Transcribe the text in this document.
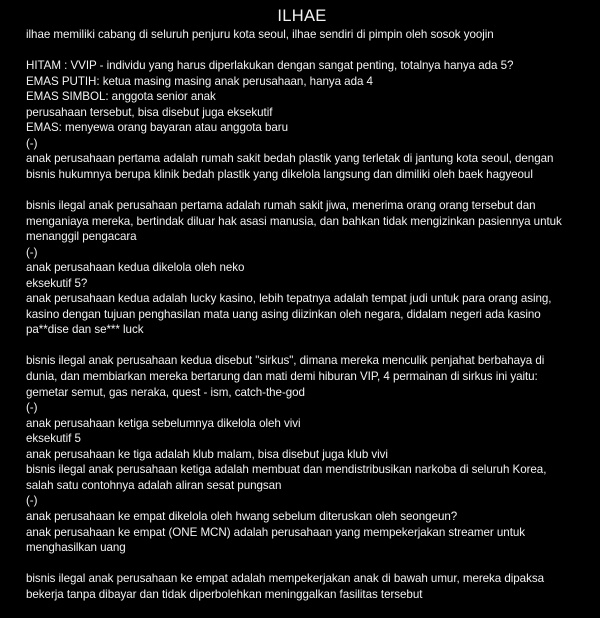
ILHAE
ilhae memiliki cabang di seluruh penjuru kota seoul, ilhae sendiri di pimpin oleh sosok yoojin
HITAM : VVIP - individu yang harus diperlakukan dengan sangat penting, totalnya hanya ada 5?
EMAS PUTIH: ketua masing masing anak perusahaan, hanya ada 4
EMAS SIMBOL: anggota senior anak
perusahaan tersebut, bisa disebut juga eksekutif
EMAS: menyewa orang bayaran atau anggota baru
(-)
anak perusahaan pertama adalah rumah sakit bedah plastik yang terletak di jantung kota seoul, dengan
bisnis hukumnya berupa klinik bedah plastik yang dikelola langsung dan dimiliki oleh baek hagyeoul
bisnis ilegal anak perusahaan pertama adalah rumah sakit jiwa, menerima orang orang tersebut dan
menganiaya mereka, bertindak diluar hak asasi manusia, dan bahkan tidak mengizinkan pasiennya untuk
menanggil pengacara
(-)
anak perusahaan kedua dikelola oleh neko
eksekutif 5?
anak perusahaan kedua adalah lucky kasino, lebih tepatnya adalah tempat judi untuk para orang asing,
kasino dengan tujuan penghasilan mata uang asing diizinkan oleh negara, didalam negeri ada kasino
pa**dise dan se*** luck
bisnis ilegal anak perusahaan kedua disebut "sirkus", dimana mereka menculik penjahat berbahaya di
dunia, dan membiarkan mereka bertarung dan mati demi hiburan VIP, 4 permainan di sirkus ini yaitu:
gemetar semut, gas neraka, quest - ism, catch-the-god
(-)
anak perusahaan ketiga sebelumnya dikelola oleh vivi
eksekutif 5
anak perusahaan ke tiga adalah klub malam, bisa disebut juga klub vivi
bisnis ilegal anak perusahaan ketiga adalah membuat dan mendistribusikan narkoba di seluruh Korea,
salah satu contohnya adalah aliran sesat pungsan
(-)
anak perusahaan ke empat dikelola oleh hwang sebelum diteruskan oleh seongeun?
anak perusahaan ke empat (ONE MCN) adalah perusahaan yang mempekerjakan streamer untuk
menghasilkan uang
bisnis ilegal anak perusahaan ke empat adalah mempekerjakan anak di bawah umur, mereka dipaksa
bekerja tanpa dibayar dan tidak diperbolehkan meninggalkan fasilitas tersebut
